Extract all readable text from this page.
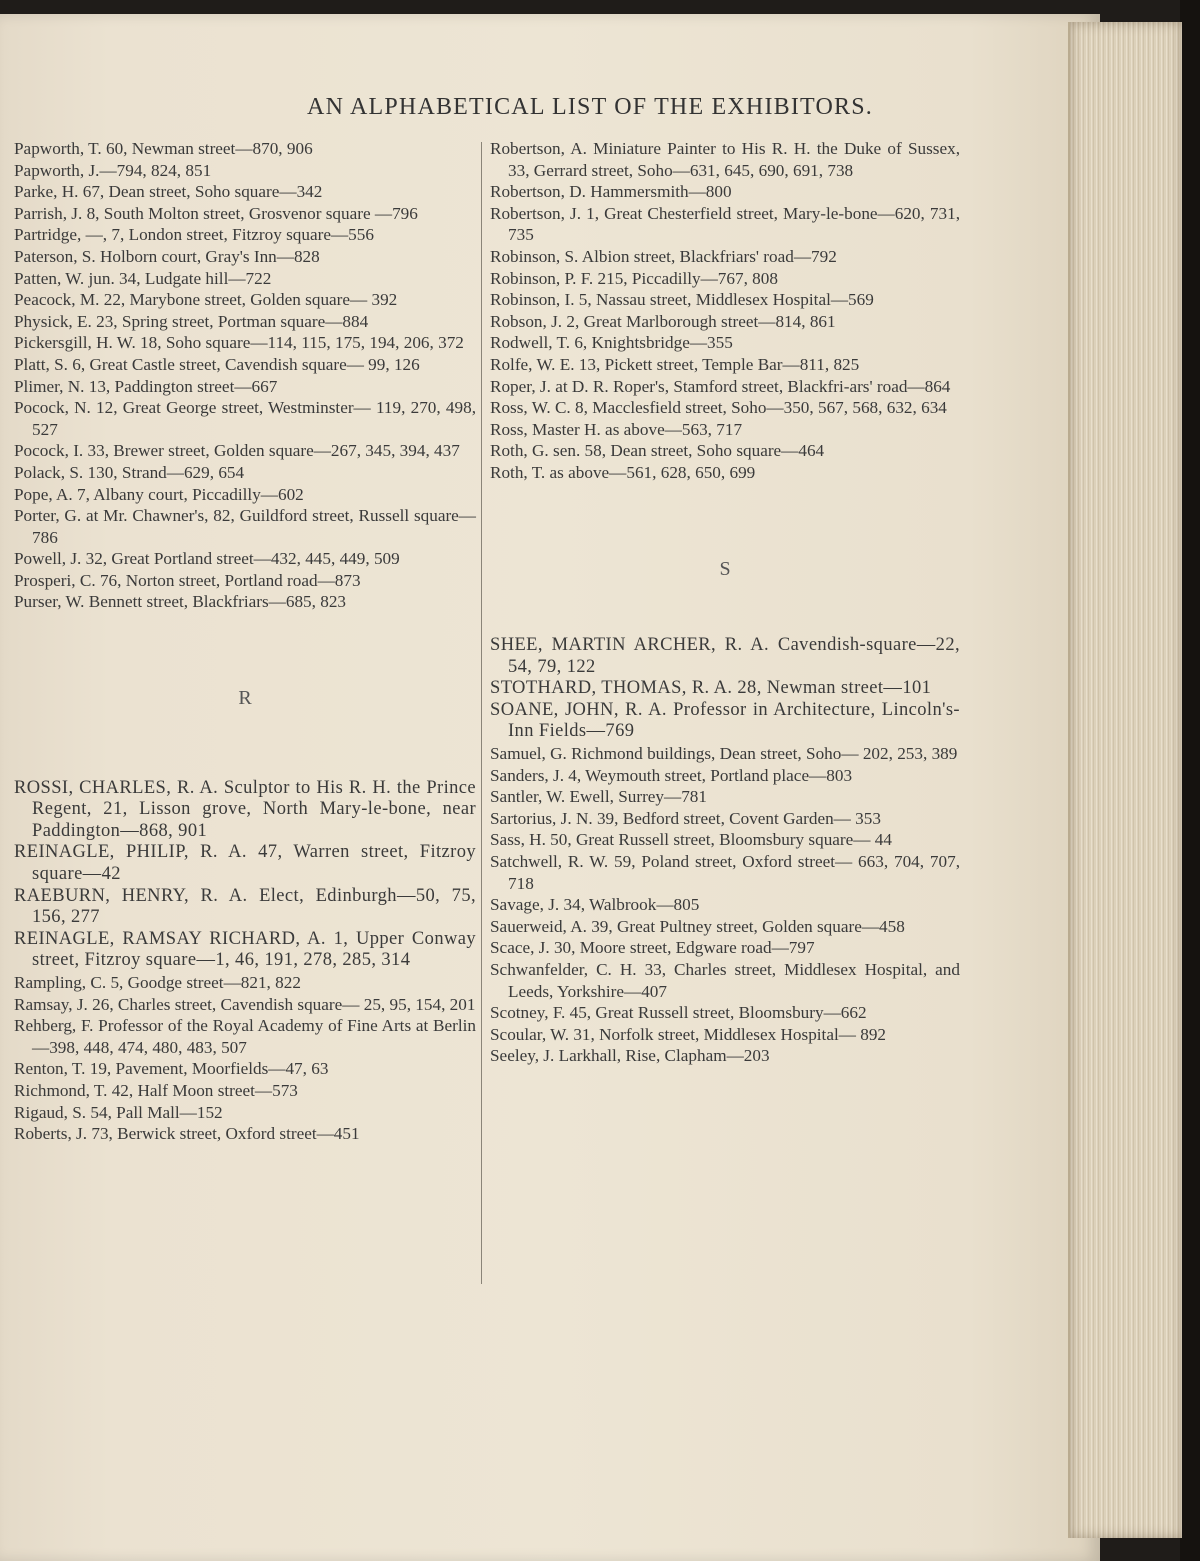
AN ALPHABETICAL LIST OF THE EXHIBITORS.

Papworth, T. 60, Newman street—870, 906

Papworth, J.—794, 824, 851

Parke, H. 67, Dean street, Soho square—342

Parrish, J. 8, South Molton street, Grosvenor square —796

Partridge, —, 7, London street, Fitzroy square—556

Paterson, S. Holborn court, Gray's Inn—828

Patten, W. jun. 34, Ludgate hill—722

Peacock, M. 22, Marybone street, Golden square— 392

Physick, E. 23, Spring street, Portman square—884

Pickersgill, H. W. 18, Soho square—114, 115, 175, 194, 206, 372

Platt, S. 6, Great Castle street, Cavendish square— 99, 126

Plimer, N. 13, Paddington street—667

Pocock, N. 12, Great George street, Westminster— 119, 270, 498, 527

Pocock, I. 33, Brewer street, Golden square—267, 345, 394, 437

Polack, S. 130, Strand—629, 654

Pope, A. 7, Albany court, Piccadilly—602

Porter, G. at Mr. Chawner's, 82, Guildford street, Russell square—786

Powell, J. 32, Great Portland street—432, 445, 449, 509

Prosperi, C. 76, Norton street, Portland road—873

Purser, W. Bennett street, Blackfriars—685, 823

R

ROSSI, CHARLES, R. A. Sculptor to His R. H. the Prince Regent, 21, Lisson grove, North Mary-le-bone, near Paddington—868, 901

REINAGLE, PHILIP, R. A. 47, Warren street, Fitzroy square—42

RAEBURN, HENRY, R. A. Elect, Edinburgh—50, 75, 156, 277

REINAGLE, RAMSAY RICHARD, A. 1, Upper Conway street, Fitzroy square—1, 46, 191, 278, 285, 314

Rampling, C. 5, Goodge street—821, 822

Ramsay, J. 26, Charles street, Cavendish square— 25, 95, 154, 201

Rehberg, F. Professor of the Royal Academy of Fine Arts at Berlin—398, 448, 474, 480, 483, 507

Renton, T. 19, Pavement, Moorfields—47, 63

Richmond, T. 42, Half Moon street—573

Rigaud, S. 54, Pall Mall—152

Roberts, J. 73, Berwick street, Oxford street—451

Robertson, A. Miniature Painter to His R. H. the Duke of Sussex, 33, Gerrard street, Soho—631, 645, 690, 691, 738

Robertson, D. Hammersmith—800

Robertson, J. 1, Great Chesterfield street, Mary-le-bone—620, 731, 735

Robinson, S. Albion street, Blackfriars' road—792

Robinson, P. F. 215, Piccadilly—767, 808

Robinson, I. 5, Nassau street, Middlesex Hospital—569

Robson, J. 2, Great Marlborough street—814, 861

Rodwell, T. 6, Knightsbridge—355

Rolfe, W. E. 13, Pickett street, Temple Bar—811, 825

Roper, J. at D. R. Roper's, Stamford street, Blackfri-ars' road—864

Ross, W. C. 8, Macclesfield street, Soho—350, 567, 568, 632, 634

Ross, Master H. as above—563, 717

Roth, G. sen. 58, Dean street, Soho square—464

Roth, T. as above—561, 628, 650, 699

S

SHEE, MARTIN ARCHER, R. A. Cavendish-square—22, 54, 79, 122

STOTHARD, THOMAS, R. A. 28, Newman street—101

SOANE, JOHN, R. A. Professor in Architecture, Lincoln's-Inn Fields—769

Samuel, G. Richmond buildings, Dean street, Soho— 202, 253, 389

Sanders, J. 4, Weymouth street, Portland place—803

Santler, W. Ewell, Surrey—781

Sartorius, J. N. 39, Bedford street, Covent Garden— 353

Sass, H. 50, Great Russell street, Bloomsbury square— 44

Satchwell, R. W. 59, Poland street, Oxford street— 663, 704, 707, 718

Savage, J. 34, Walbrook—805

Sauerweid, A. 39, Great Pultney street, Golden square—458

Scace, J. 30, Moore street, Edgware road—797

Schwanfelder, C. H. 33, Charles street, Middlesex Hospital, and Leeds, Yorkshire—407

Scotney, F. 45, Great Russell street, Bloomsbury—662

Scoular, W. 31, Norfolk street, Middlesex Hospital— 892

Seeley, J. Larkhall, Rise, Clapham—203
